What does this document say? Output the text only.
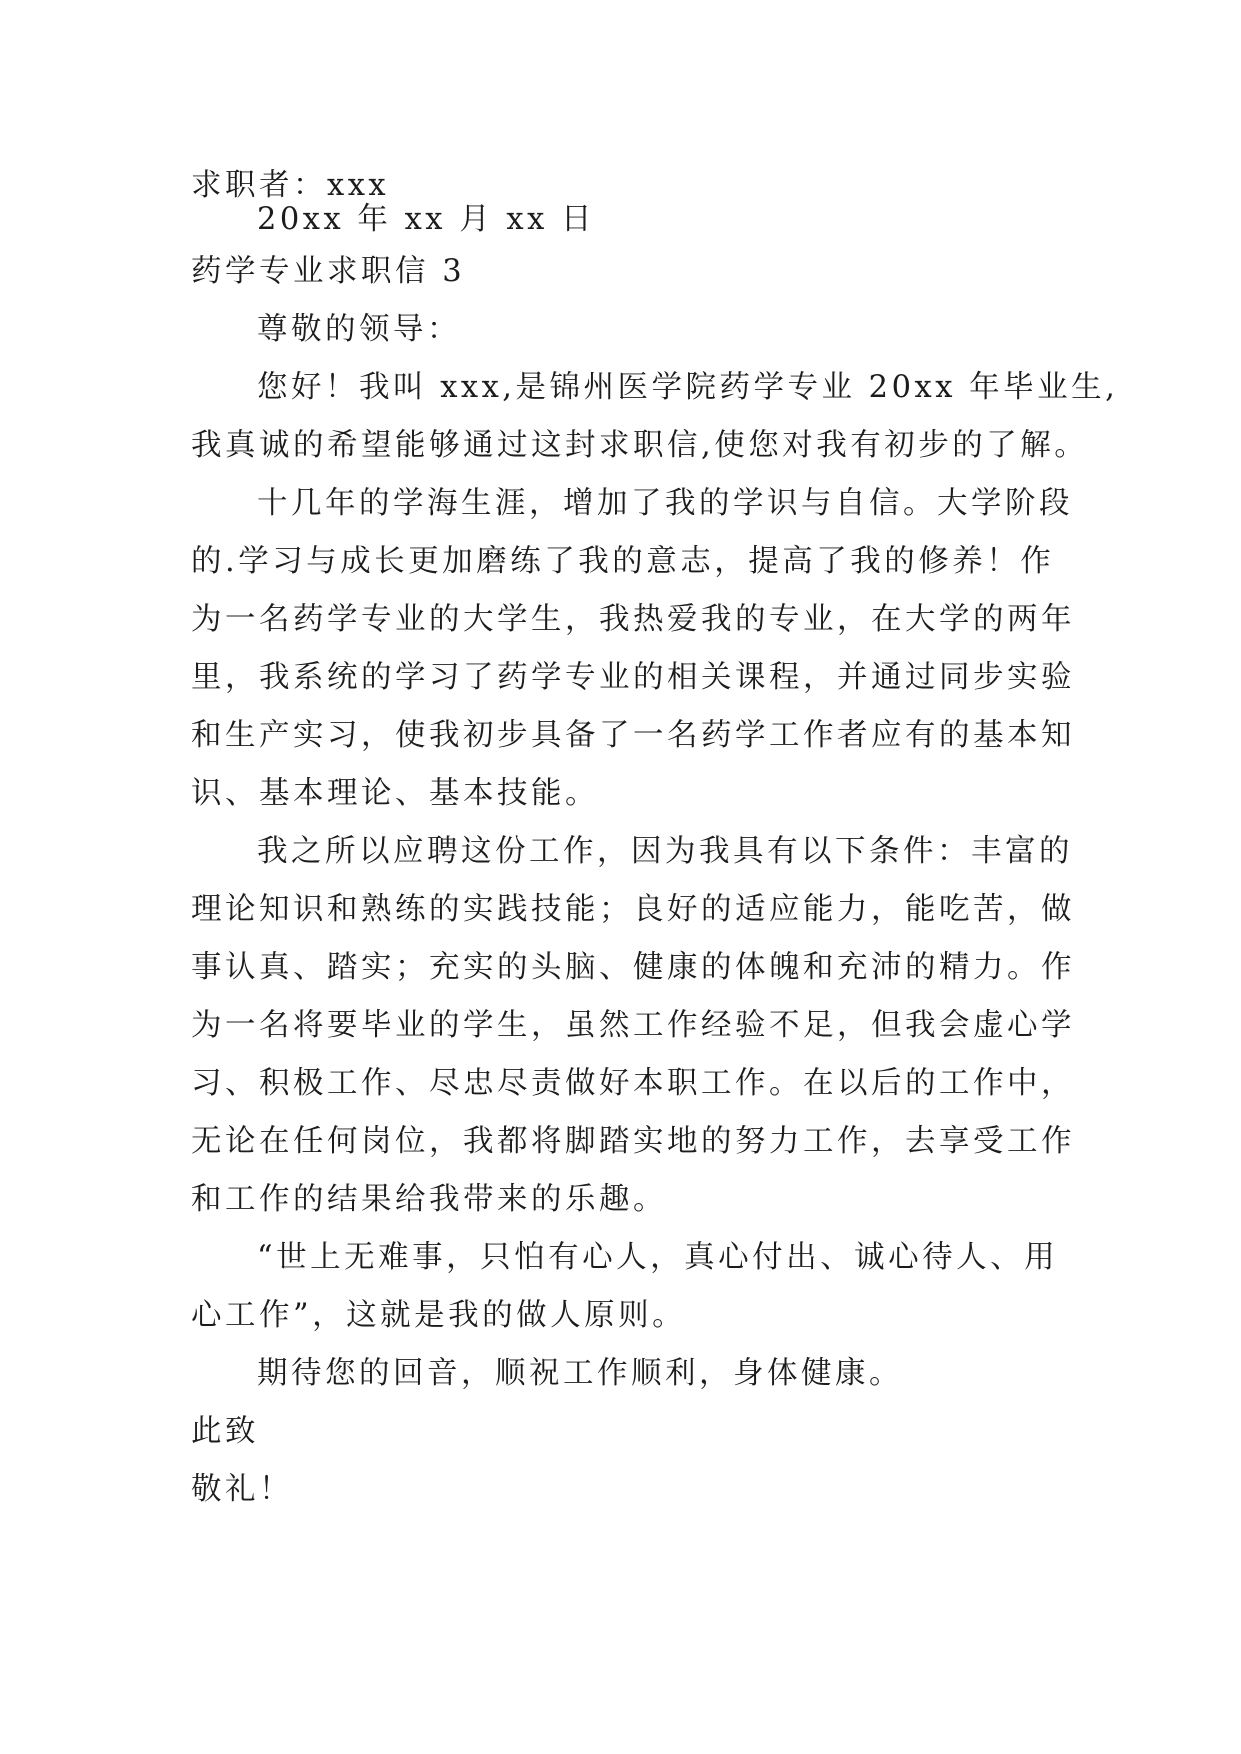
求职者：xxx
20xx 年 xx 月 xx 日
药学专业求职信 3
尊敬的领导：
您好！我叫 xxx,是锦州医学院药学专业 20xx 年毕业生,
我真诚的希望能够通过这封求职信,使您对我有初步的了解。
十几年的学海生涯，增加了我的学识与自信。大学阶段
的.学习与成长更加磨练了我的意志，提高了我的修养！作
为一名药学专业的大学生，我热爱我的专业，在大学的两年
里，我系统的学习了药学专业的相关课程，并通过同步实验
和生产实习，使我初步具备了一名药学工作者应有的基本知
识、基本理论、基本技能。
我之所以应聘这份工作，因为我具有以下条件：丰富的
理论知识和熟练的实践技能；良好的适应能力，能吃苦，做
事认真、踏实；充实的头脑、健康的体魄和充沛的精力。作
为一名将要毕业的学生，虽然工作经验不足，但我会虚心学
习、积极工作、尽忠尽责做好本职工作。在以后的工作中，
无论在任何岗位，我都将脚踏实地的努力工作，去享受工作
和工作的结果给我带来的乐趣。
“世上无难事，只怕有心人，真心付出、诚心待人、用
心工作”，这就是我的做人原则。
期待您的回音，顺祝工作顺利，身体健康。
此致
敬礼！
